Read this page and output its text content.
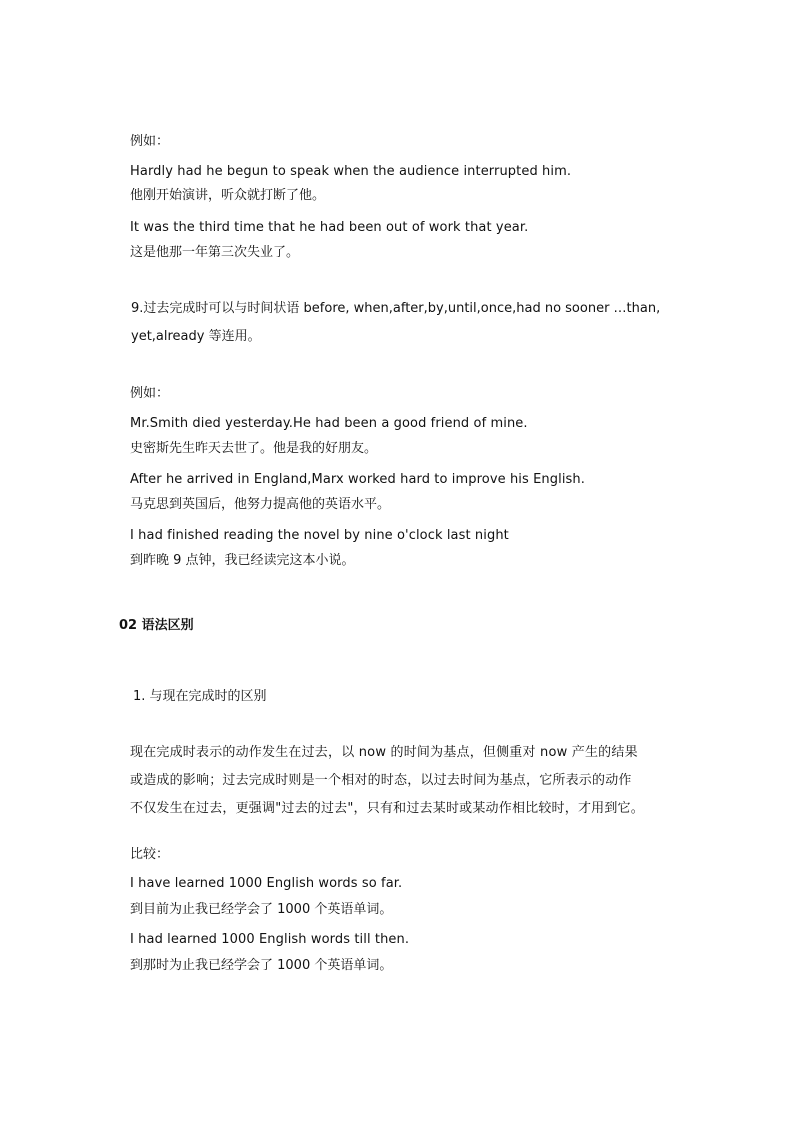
例如：
Hardly had he begun to speak when the audience interrupted him.
他刚开始演讲，听众就打断了他。
It was the third time that he had been out of work that year.
这是他那一年第三次失业了。
9.过去完成时可以与时间状语 before, when,after,by,until,once,had no sooner …than,
yet,already 等连用。
例如：
Mr.Smith died yesterday.He had been a good friend of mine.
史密斯先生昨天去世了。他是我的好朋友。
After he arrived in England,Marx worked hard to improve his English.
马克思到英国后，他努力提高他的英语水平。
I had finished reading the novel by nine o'clock last night
到昨晚 9 点钟，我已经读完这本小说。
02 语法区别
1. 与现在完成时的区别
现在完成时表示的动作发生在过去，以 now 的时间为基点，但侧重对 now 产生的结果
或造成的影响；过去完成时则是一个相对的时态，以过去时间为基点，它所表示的动作
不仅发生在过去，更强调"过去的过去"，只有和过去某时或某动作相比较时，才用到它。
比较：
I have learned 1000 English words so far.
到目前为止我已经学会了 1000 个英语单词。
I had learned 1000 English words till then.
到那时为止我已经学会了 1000 个英语单词。
